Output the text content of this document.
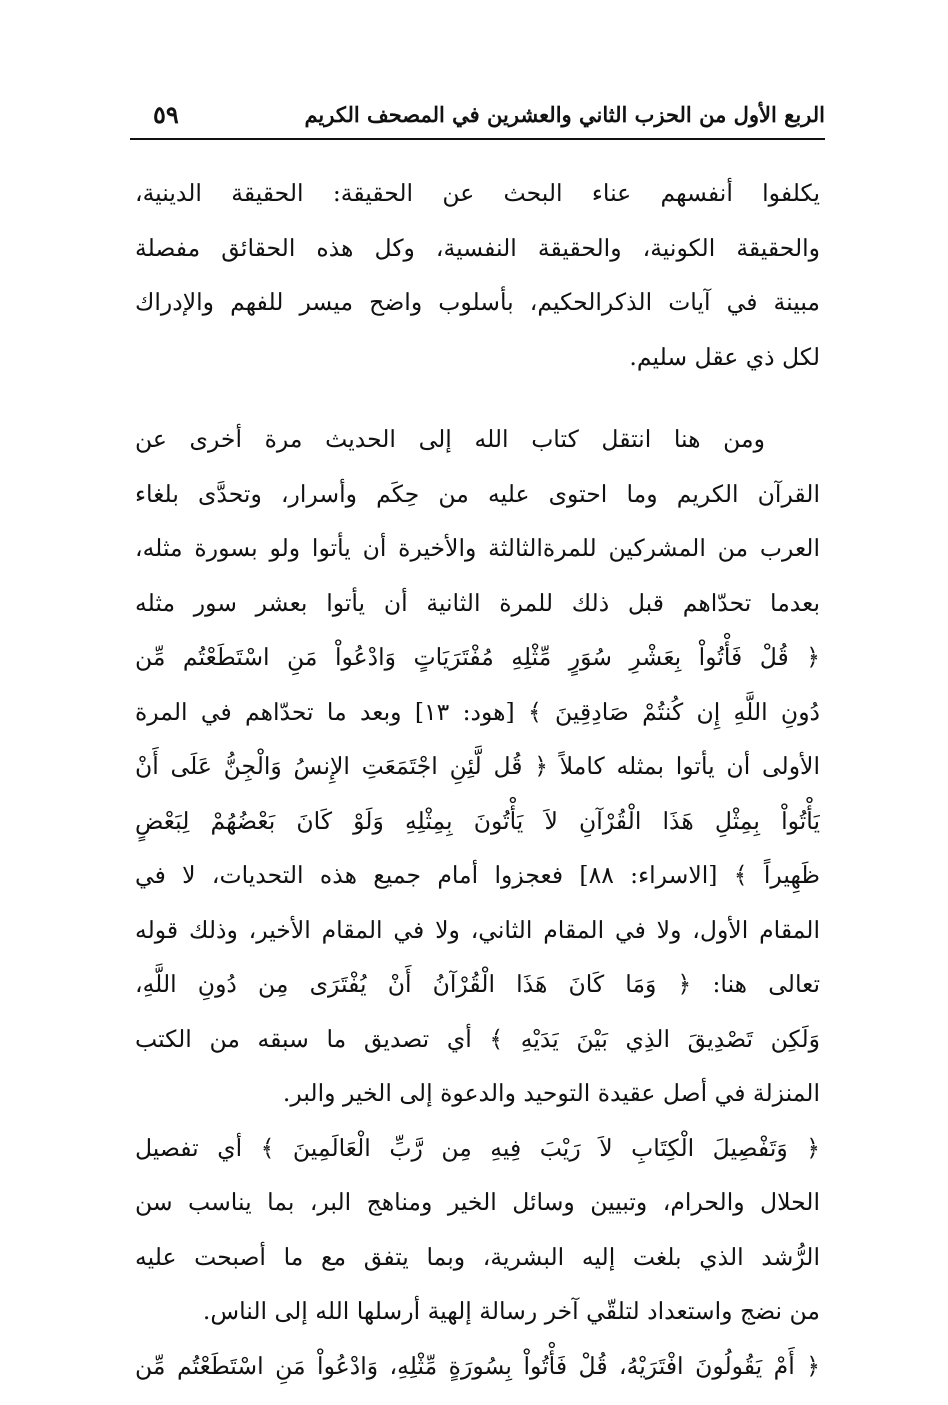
الربع الأول من الحزب الثاني والعشرين في المصحف الكريم
٥٩
يكلفوا أنفسهم عناء البحث عن الحقيقة: الحقيقة الدينية،
والحقيقة الكونية، والحقيقة النفسية، وكل هذه الحقائق مفصلة
مبينة في آيات الذكرالحكيم، بأسلوب واضح ميسر للفهم والإدراك
لكل ذي عقل سليم.
ومن هنا انتقل كتاب الله إلى الحديث مرة أخرى عن
القرآن الكريم وما احتوى عليه من حِكَم وأسرار، وتحدَّى بلغاء
العرب من المشركين للمرةالثالثة والأخيرة أن يأتوا ولو بسورة مثله،
بعدما تحدّاهم قبل ذلك للمرة الثانية أن يأتوا بعشر سور مثله
﴿ قُلْ فَأْتُواْ بِعَشْرِ سُوَرٍ مِّثْلِهِ مُفْتَرَيَاتٍ وَادْعُواْ مَنِ اسْتَطَعْتُم مِّن
دُونِ اللَّهِ إِن كُنتُمْ صَادِقِينَ ﴾ [هود: ١٣] وبعد ما تحدّاهم في المرة
الأولى أن يأتوا بمثله كاملاً ﴿ قُل لَّئِنِ اجْتَمَعَتِ الإِنسُ وَالْجِنُّ عَلَى أَنْ
يَأْتُواْ بِمِثْلِ هَذَا الْقُرْآنِ لاَ يَأْتُونَ بِمِثْلِهِ وَلَوْ كَانَ بَعْضُهُمْ لِبَعْضٍ
ظَهِيراً ﴾ [الاسراء: ٨٨] فعجزوا أمام جميع هذه التحديات، لا في
المقام الأول، ولا في المقام الثاني، ولا في المقام الأخير، وذلك قوله
تعالى هنا: ﴿ وَمَا كَانَ هَذَا الْقُرْآنُ أَنْ يُفْتَرَى مِن دُونِ اللَّهِ،
وَلَكِن تَصْدِيقَ الذِي بَيْنَ يَدَيْهِ ﴾ أي تصديق ما سبقه من الكتب
المنزلة في أصل عقيدة التوحيد والدعوة إلى الخير والبر.
﴿ وَتَفْصِيلَ الْكِتَابِ لاَ رَيْبَ فِيهِ مِن رَّبِّ الْعَالَمِينَ ﴾ أي تفصيل
الحلال والحرام، وتبيين وسائل الخير ومناهج البر، بما يناسب سن
الرُّشد الذي بلغت إليه البشرية، وبما يتفق مع ما أصبحت عليه
من نضج واستعداد لتلقّي آخر رسالة إلهية أرسلها الله إلى الناس.
﴿ أَمْ يَقُولُونَ افْتَرَيْهُ، قُلْ فَأْتُواْ بِسُورَةٍ مِّثْلِهِ، وَادْعُواْ مَنِ اسْتَطَعْتُم مِّن
